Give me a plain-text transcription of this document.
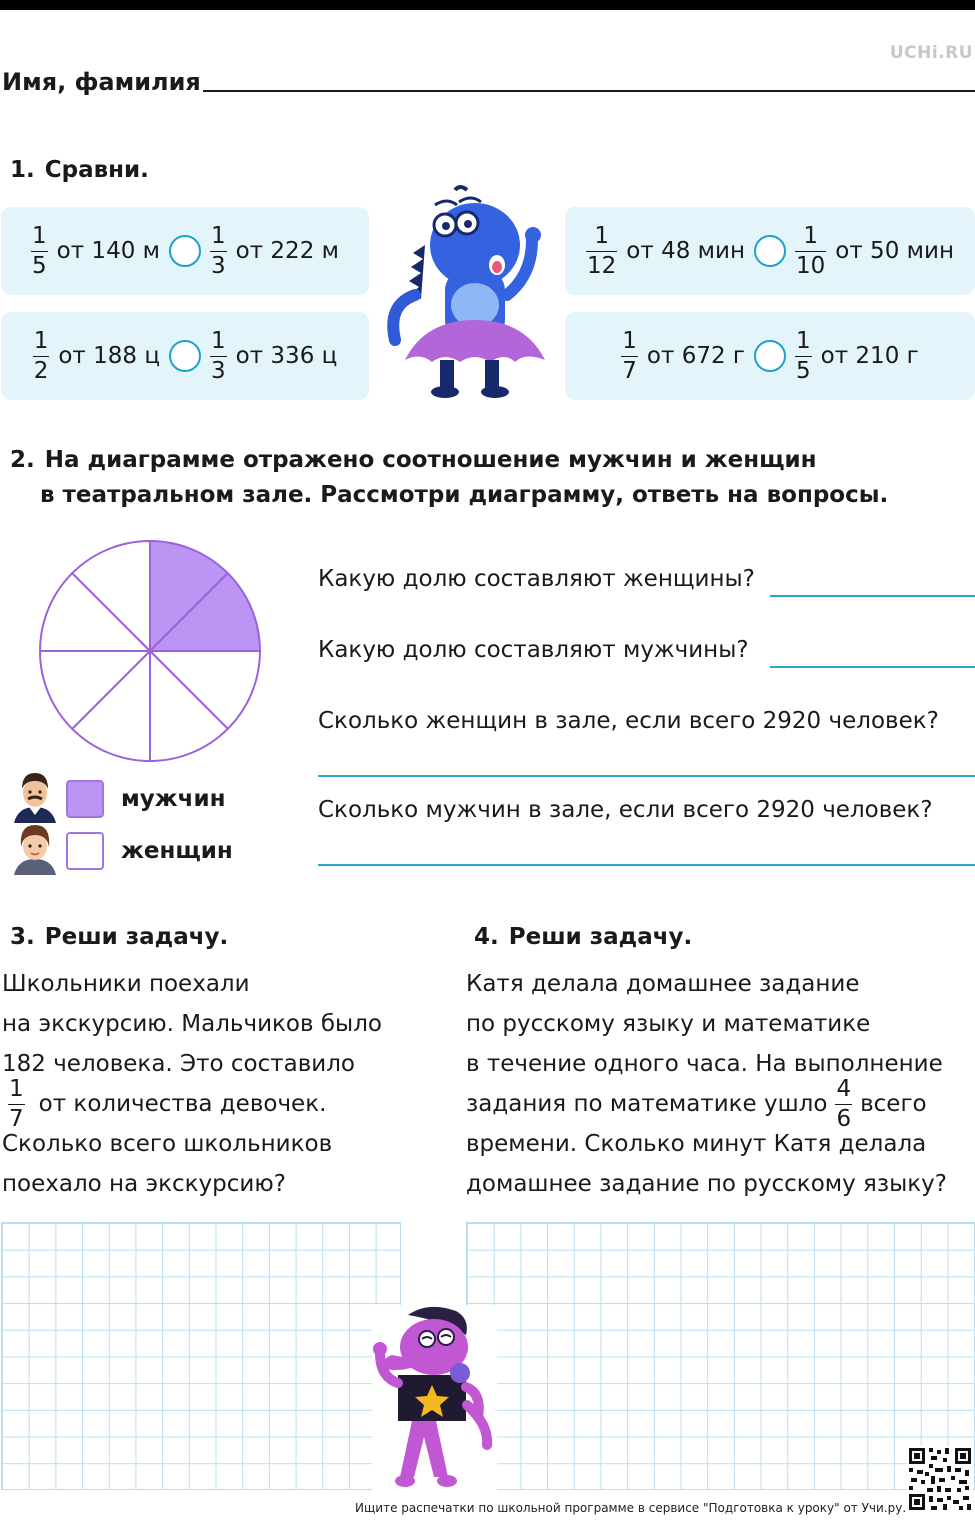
UCHi.RU
Имя, фамилия
1. Сравни.
$\frac{1}{5}$ от 140 м $\frac{1}{3}$ от 222 м	$\frac{1}{12}$ от 48 мин $\frac{1}{10}$ от 50 мин
$\frac{1}{2}$ от 188 ц $\frac{1}{3}$ от 336 ц	$\frac{1}{7}$ от 672 г $\frac{1}{5}$ от 210 г
2. На диаграмме отражено соотношение мужчин и женщин
в театральном зале. Рассмотри диаграмму, ответь на вопросы.
Какую долю составляют женщины?
Какую долю составляют мужчины?
Сколько женщин в зале, если всего 2920 человек?
Сколько мужчин в зале, если всего 2920 человек?
мужчин
женщин
3. Реши задачу.
Школьники поехали
на экскурсию. Мальчиков было
182 человека. Это составило
$\frac{1}{7}$ от количества девочек.
Сколько всего школьников
поехало на экскурсию?
4. Реши задачу.
Катя делала домашнее задание
по русскому языку и математике
в течение одного часа. На выполнение
задания по математике ушло $\frac{4}{6}$ всего
времени. Сколько минут Катя делала
домашнее задание по русскому языку?
Ищите распечатки по школьной программе в сервисе "Подготовка к уроку" от Учи.ру.
